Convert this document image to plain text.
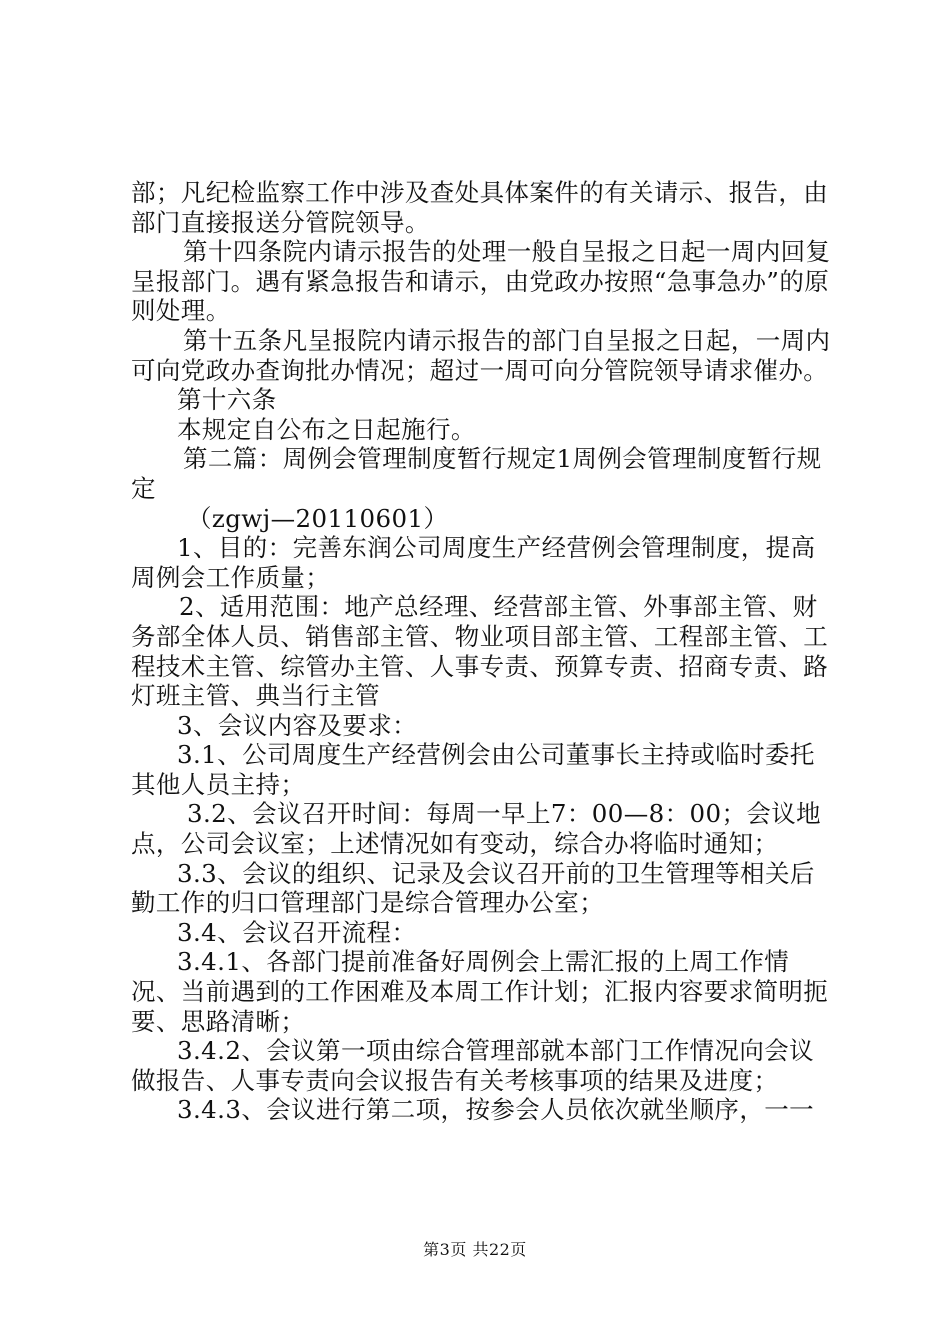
部；凡纪检监察工作中涉及查处具体案件的有关请示、报告，由部门直接报送分管院领导。

第十四条院内请示报告的处理一般自呈报之日起一周内回复呈报部门。遇有紧急报告和请示，由党政办按照“急事急办”的原则处理。

第十五条凡呈报院内请示报告的部门自呈报之日起，一周内可向党政办查询批办情况；超过一周可向分管院领导请求催办。

第十六条

本规定自公布之日起施行。

第二篇：周例会管理制度暂行规定1周例会管理制度暂行规定

（zgwj—20110601）

1、目的：完善东润公司周度生产经营例会管理制度，提高周例会工作质量；

2、适用范围：地产总经理、经营部主管、外事部主管、财务部全体人员、销售部主管、物业项目部主管、工程部主管、工程技术主管、综管办主管、人事专责、预算专责、招商专责、路灯班主管、典当行主管

3、会议内容及要求：

3.1、公司周度生产经营例会由公司董事长主持或临时委托其他人员主持；

3.2、会议召开时间：每周一早上7：00—8：00；会议地点，公司会议室；上述情况如有变动，综合办将临时通知；

3.3、会议的组织、记录及会议召开前的卫生管理等相关后勤工作的归口管理部门是综合管理办公室；

3.4、会议召开流程：

3.4.1、各部门提前准备好周例会上需汇报的上周工作情况、当前遇到的工作困难及本周工作计划；汇报内容要求简明扼要、思路清晰；

3.4.2、会议第一项由综合管理部就本部门工作情况向会议做报告、人事专责向会议报告有关考核事项的结果及进度；

3.4.3、会议进行第二项，按参会人员依次就坐顺序，一一

第3页 共22页
